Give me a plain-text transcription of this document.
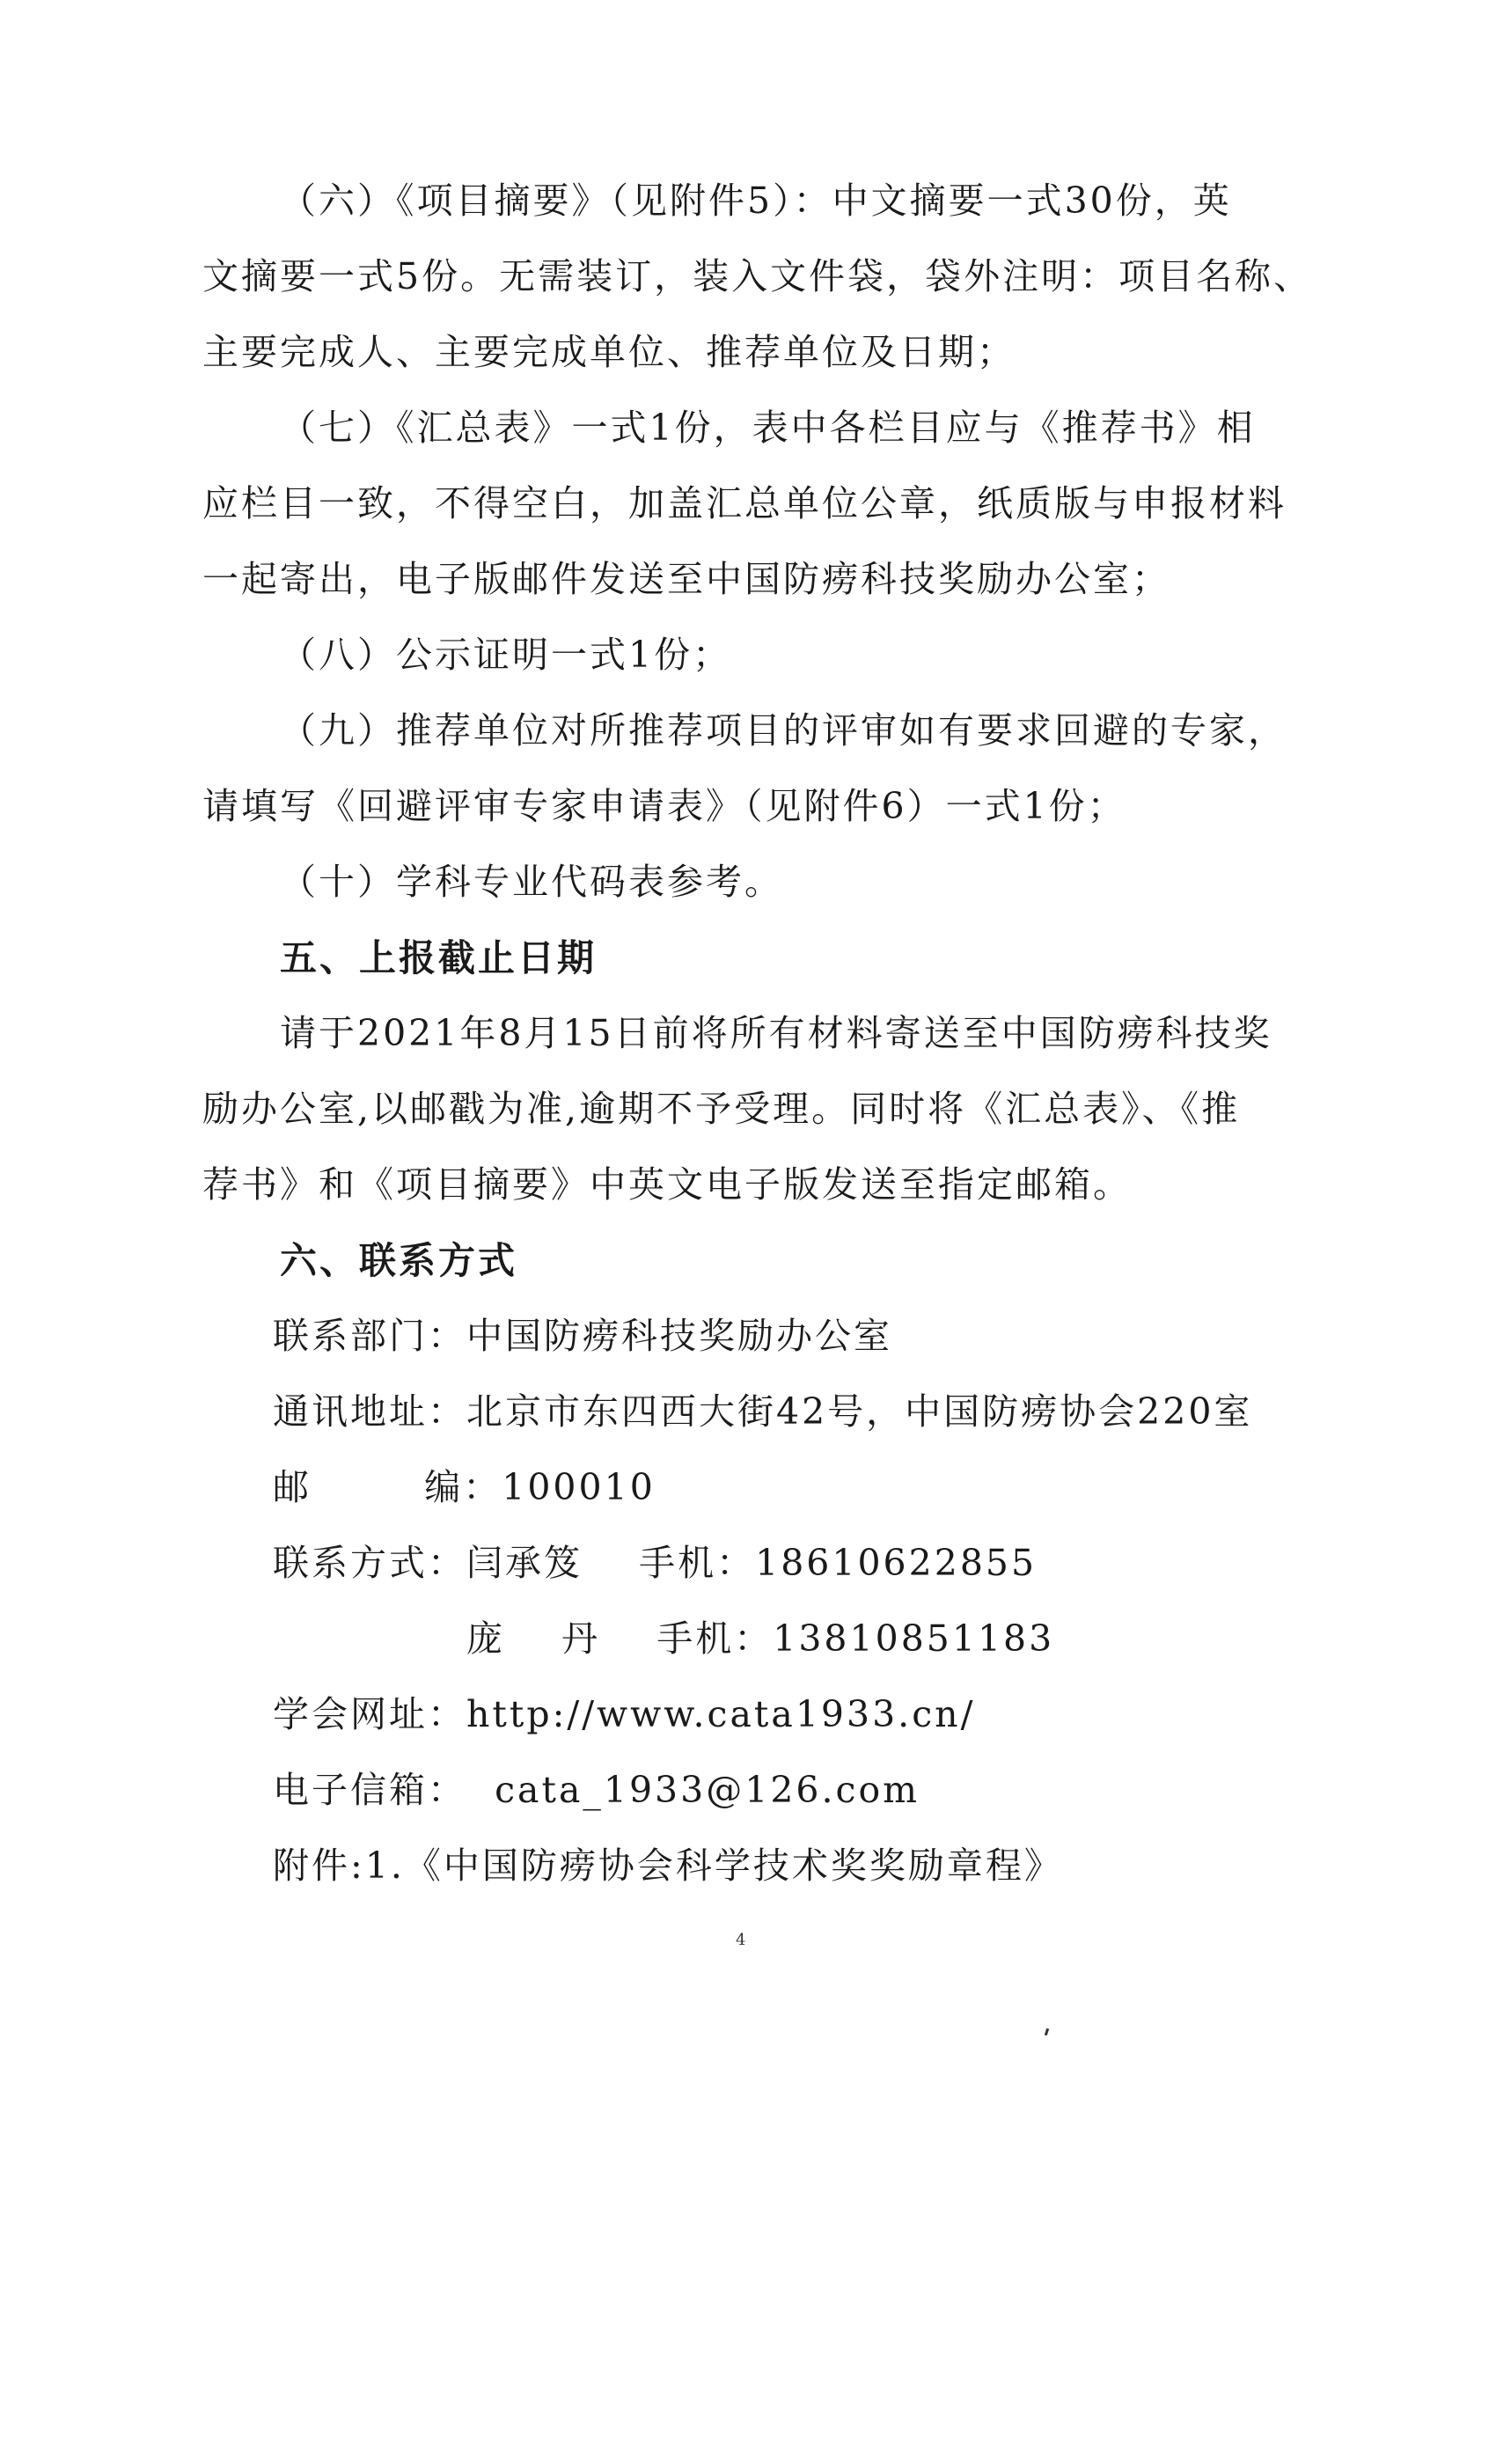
（六）《项目摘要》（见附件5）：中文摘要一式30份，英
文摘要一式5份。无需装订，装入文件袋，袋外注明：项目名称、
主要完成人、主要完成单位、推荐单位及日期；
（七）《汇总表》一式1份，表中各栏目应与《推荐书》相
应栏目一致，不得空白，加盖汇总单位公章，纸质版与申报材料
一起寄出，电子版邮件发送至中国防痨科技奖励办公室；
（八）公示证明一式1份；
（九）推荐单位对所推荐项目的评审如有要求回避的专家，
请填写《回避评审专家申请表》（见附件6）一式1份；
（十）学科专业代码表参考。
五、上报截止日期
请于2021年8月15日前将所有材料寄送至中国防痨科技奖
励办公室,以邮戳为准,逾期不予受理。同时将《汇总表》、《推
荐书》和《项目摘要》中英文电子版发送至指定邮箱。
六、联系方式
联系部门：中国防痨科技奖励办公室
通讯地址：北京市东四西大街42号，中国防痨协会220室
邮        编：100010
联系方式：闫承笈    手机：18610622855
庞    丹    手机：13810851183
学会网址：http://www.cata1933.cn/
电子信箱：  cata_1933@126.com
附件:1.《中国防痨协会科学技术奖奖励章程》
4
